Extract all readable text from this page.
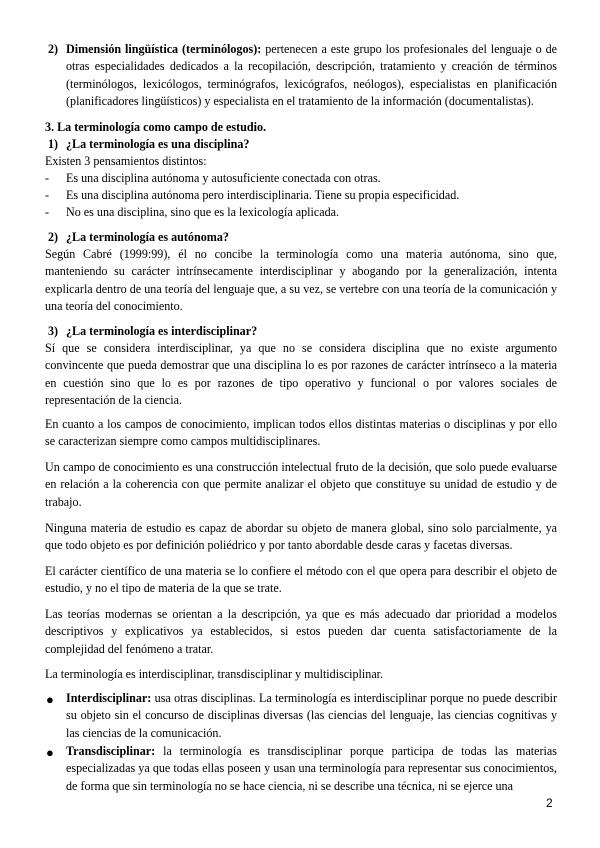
2) Dimensión lingüística (terminólogos): pertenecen a este grupo los profesionales del lenguaje o de otras especialidades dedicados a la recopilación, descripción, tratamiento y creación de términos (terminólogos, lexicólogos, terminógrafos, lexicógrafos, neólogos), especialistas en planificación (planificadores lingüísticos) y especialista en el tratamiento de la información (documentalistas).
3. La terminología como campo de estudio.
1) ¿La terminología es una disciplina?
Existen 3 pensamientos distintos:
- Es una disciplina autónoma y autosuficiente conectada con otras.
- Es una disciplina autónoma pero interdisciplinaria. Tiene su propia especificidad.
- No es una disciplina, sino que es la lexicología aplicada.
2) ¿La terminología es autónoma?
Según Cabré (1999:99), él no concibe la terminología como una materia autónoma, sino que, manteniendo su carácter intrínsecamente interdisciplinar y abogando por la generalización, intenta explicarla dentro de una teoría del lenguaje que, a su vez, se vertebre con una teoría de la comunicación y una teoría del conocimiento.
3) ¿La terminología es interdisciplinar?
Sí que se considera interdisciplinar, ya que no se considera disciplina que no existe argumento convincente que pueda demostrar que una disciplina lo es por razones de carácter intrínseco a la materia en cuestión sino que lo es por razones de tipo operativo y funcional o por valores sociales de representación de la ciencia.
En cuanto a los campos de conocimiento, implican todos ellos distintas materias o disciplinas y por ello se caracterizan siempre como campos multidisciplinares.
Un campo de conocimiento es una construcción intelectual fruto de la decisión, que solo puede evaluarse en relación a la coherencia con que permite analizar el objeto que constituye su unidad de estudio y de trabajo.
Ninguna materia de estudio es capaz de abordar su objeto de manera global, sino solo parcialmente, ya que todo objeto es por definición poliédrico y por tanto abordable desde caras y facetas diversas.
El carácter científico de una materia se lo confiere el método con el que opera para describir el objeto de estudio, y no el tipo de materia de la que se trate.
Las teorías modernas se orientan a la descripción, ya que es más adecuado dar prioridad a modelos descriptivos y explicativos ya establecidos, si estos pueden dar cuenta satisfactoriamente de la complejidad del fenómeno a tratar.
La terminología es interdisciplinar, transdisciplinar y multidisciplinar.
● Interdisciplinar: usa otras disciplinas. La terminología es interdisciplinar porque no puede describir su objeto sin el concurso de disciplinas diversas (las ciencias del lenguaje, las ciencias cognitivas y las ciencias de la comunicación.
● Transdisciplinar: la terminología es transdisciplinar porque participa de todas las materias especializadas ya que todas ellas poseen y usan una terminología para representar sus conocimientos, de forma que sin terminología no se hace ciencia, ni se describe una técnica, ni se ejerce una
2
